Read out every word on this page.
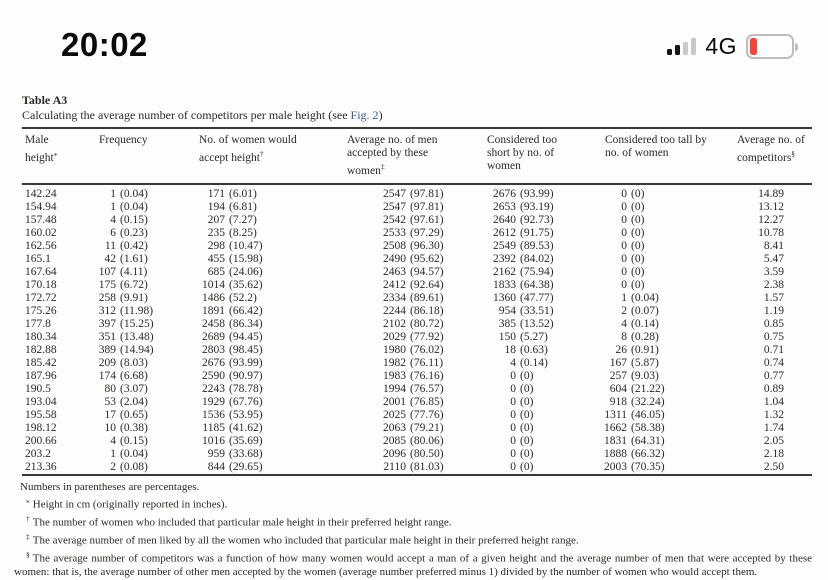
20:02	4G
Table A3
Calculating the average number of competitors per male height (see Fig. 2)
Male height⁎	Frequency	No. of women would accept height†	Average no. of men accepted by these women‡	Considered too short by no. of women	Considered too tall by no. of women	Average no. of competitors§

142.24	1 (0.04)	171 (6.01)	2547 (97.81)	2676 (93.99)	0 (0)	14.89
154.94	1 (0.04)	194 (6.81)	2547 (97.81)	2653 (93.19)	0 (0)	13.12
157.48	4 (0.15)	207 (7.27)	2542 (97.61)	2640 (92.73)	0 (0)	12.27
160.02	6 (0.23)	235 (8.25)	2533 (97.29)	2612 (91.75)	0 (0)	10.78
162.56	11 (0.42)	298 (10.47)	2508 (96.30)	2549 (89.53)	0 (0)	8.41
165.1	42 (1.61)	455 (15.98)	2490 (95.62)	2392 (84.02)	0 (0)	5.47
167.64	107 (4.11)	685 (24.06)	2463 (94.57)	2162 (75.94)	0 (0)	3.59
170.18	175 (6.72)	1014 (35.62)	2412 (92.64)	1833 (64.38)	0 (0)	2.38
172.72	258 (9.91)	1486 (52.2)	2334 (89.61)	1360 (47.77)	1 (0.04)	1.57
175.26	312 (11.98)	1891 (66.42)	2244 (86.18)	954 (33.51)	2 (0.07)	1.19
177.8	397 (15.25)	2458 (86.34)	2102 (80.72)	385 (13.52)	4 (0.14)	0.85
180.34	351 (13.48)	2689 (94.45)	2029 (77.92)	150 (5.27)	8 (0.28)	0.75
182.88	389 (14.94)	2803 (98.45)	1980 (76.02)	18 (0.63)	26 (0.91)	0.71
185.42	209 (8.03)	2676 (93.99)	1982 (76.11)	4 (0.14)	167 (5.87)	0.74
187.96	174 (6.68)	2590 (90.97)	1983 (76.16)	0 (0)	257 (9.03)	0.77
190.5	80 (3.07)	2243 (78.78)	1994 (76.57)	0 (0)	604 (21.22)	0.89
193.04	53 (2.04)	1929 (67.76)	2001 (76.85)	0 (0)	918 (32.24)	1.04
195.58	17 (0.65)	1536 (53.95)	2025 (77.76)	0 (0)	1311 (46.05)	1.32
198.12	10 (0.38)	1185 (41.62)	2063 (79.21)	0 (0)	1662 (58.38)	1.74
200.66	4 (0.15)	1016 (35.69)	2085 (80.06)	0 (0)	1831 (64.31)	2.05
203.2	1 (0.04)	959 (33.68)	2096 (80.50)	0 (0)	1888 (66.32)	2.18
213.36	2 (0.08)	844 (29.65)	2110 (81.03)	0 (0)	2003 (70.35)	2.50
Numbers in parentheses are percentages.
⁎ Height in cm (originally reported in inches).
† The number of women who included that particular male height in their preferred height range.
‡ The average number of men liked by all the women who included that particular male height in their preferred height range.
§ The average number of competitors was a function of how many women would accept a man of a given height and the average number of men that were accepted by these women: that is, the average number of other men accepted by the women (average number preferred minus 1) divided by the number of women who would accept them.
